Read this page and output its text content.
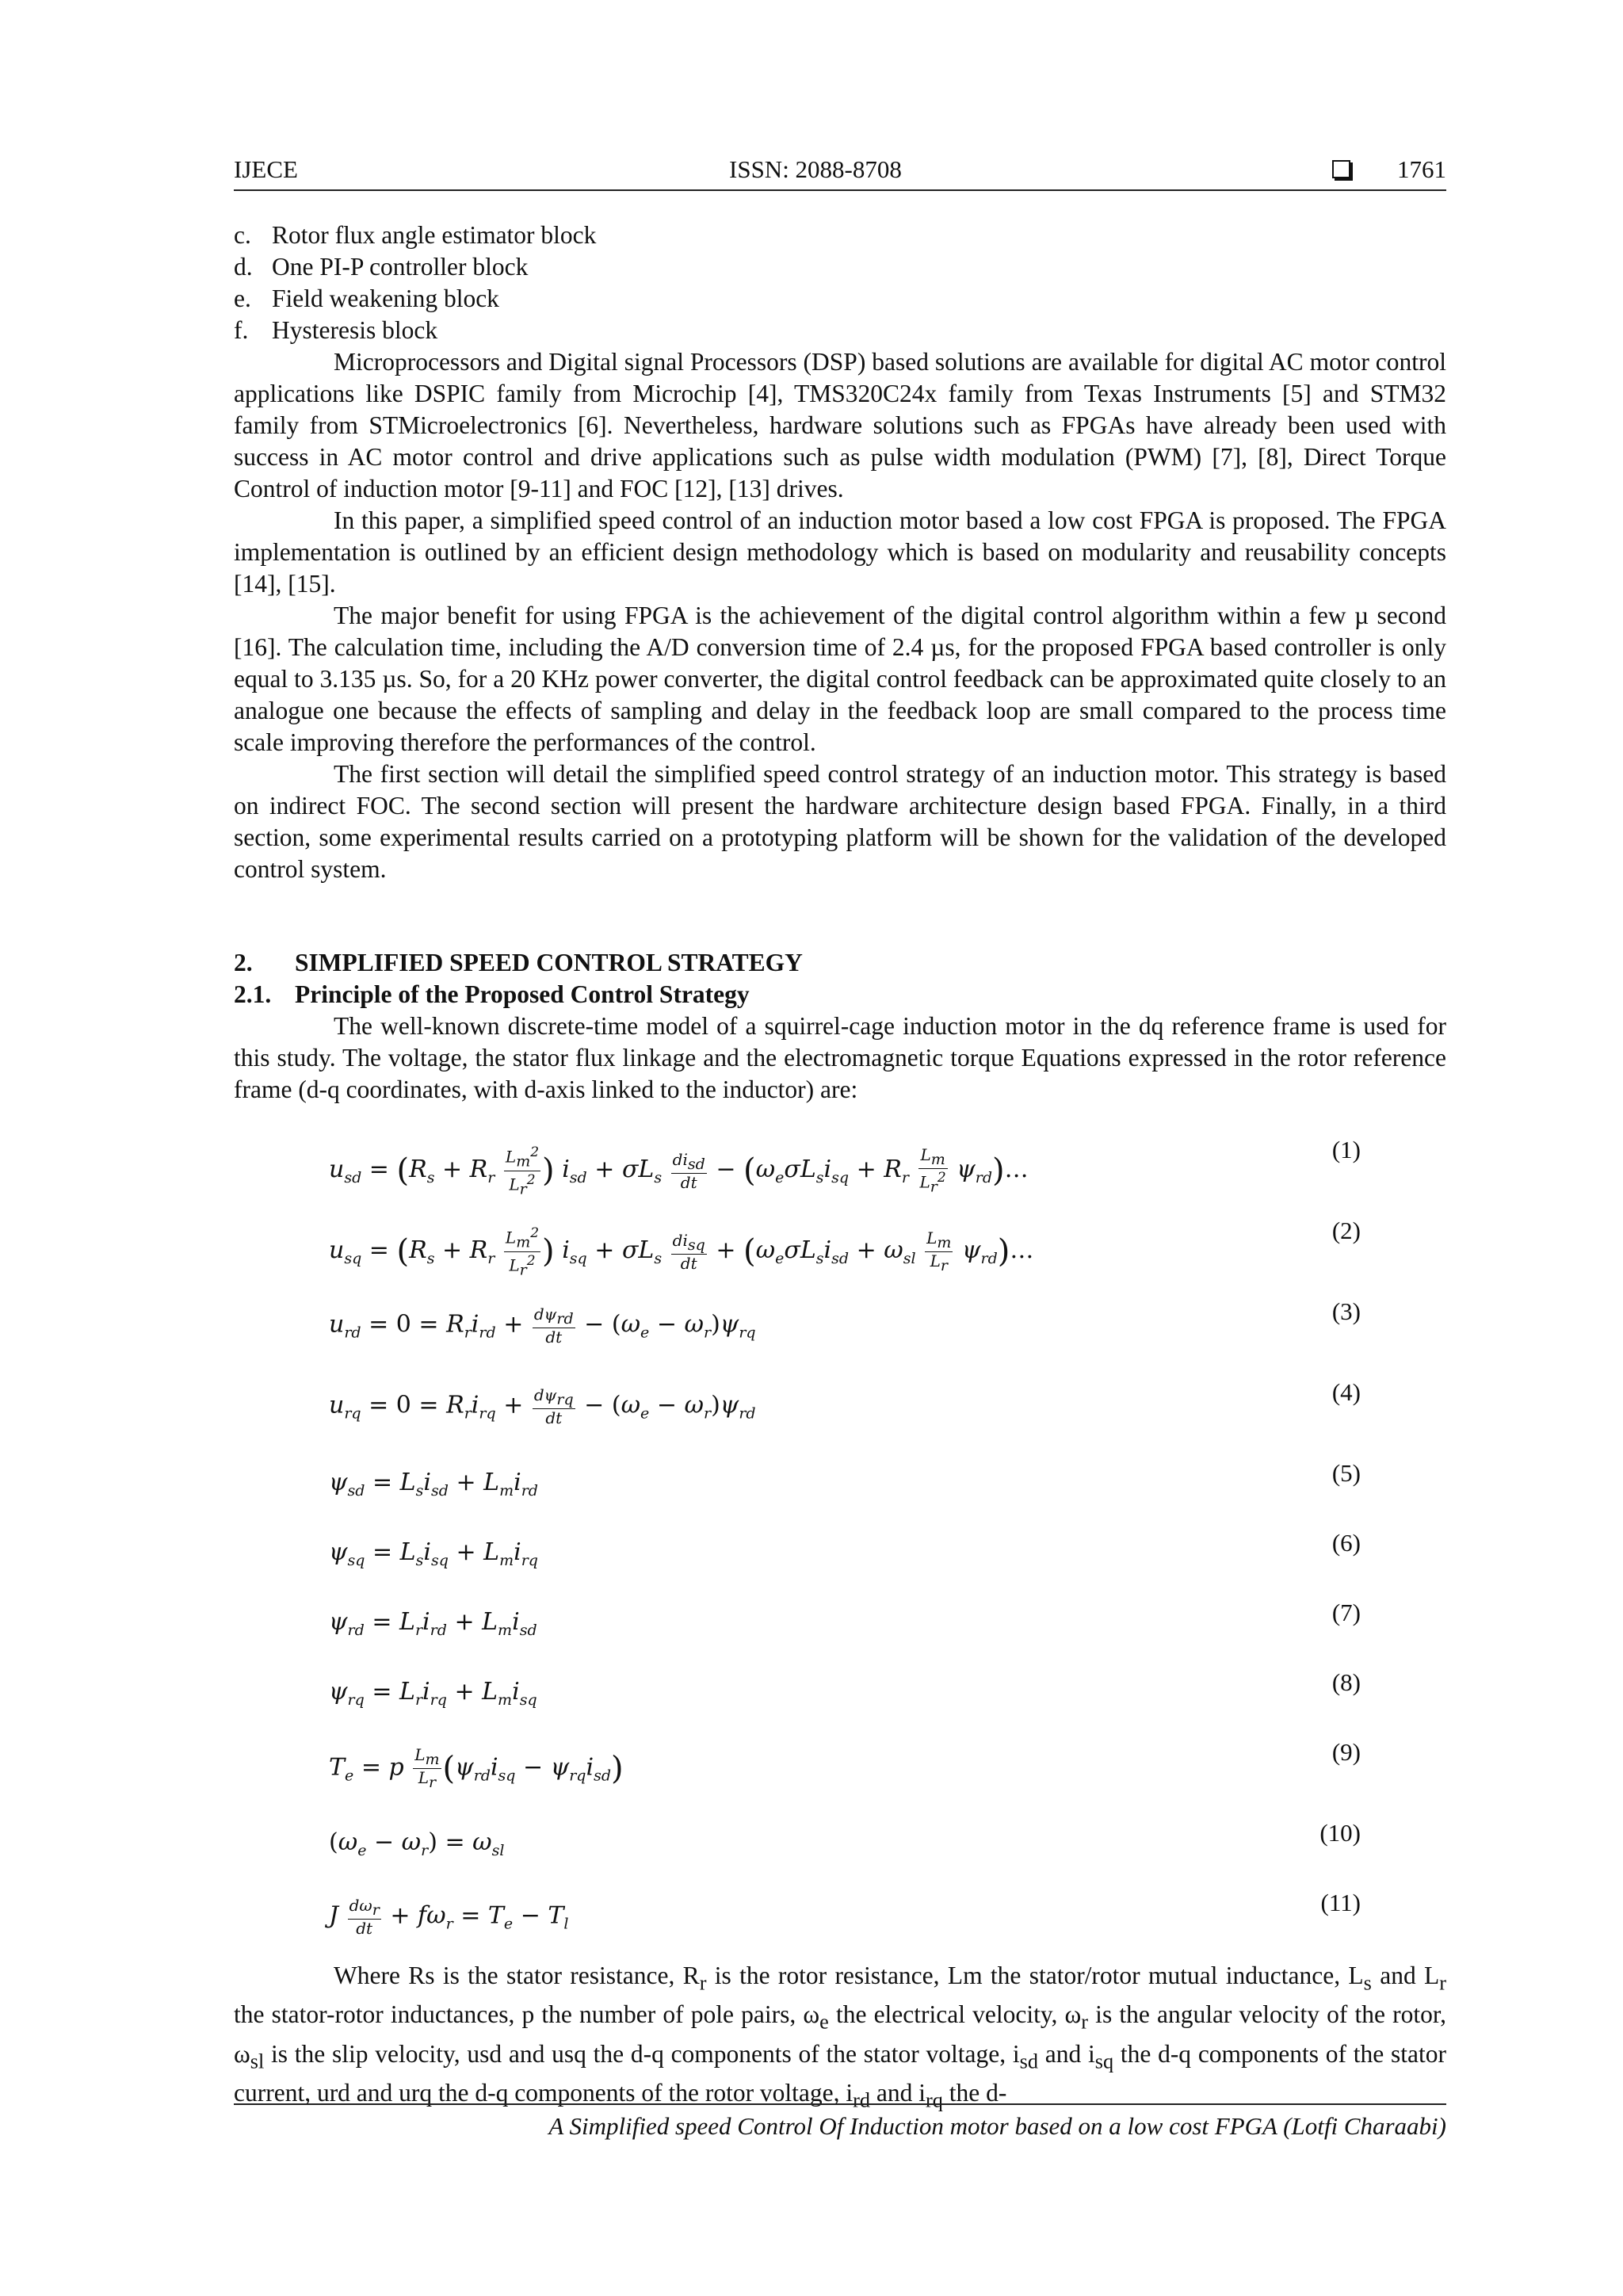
IJECE	ISSN: 2088-8708	1761
c. Rotor flux angle estimator block
d. One PI-P controller block
e. Field weakening block
f. Hysteresis block

Microprocessors and Digital signal Processors (DSP) based solutions are available for digital AC motor control applications like DSPIC family from Microchip [4], TMS320C24x family from Texas Instruments [5] and STM32 family from STMicroelectronics [6]. Nevertheless, hardware solutions such as FPGAs have already been used with success in AC motor control and drive applications such as pulse width modulation (PWM) [7], [8], Direct Torque Control of induction motor [9-11] and FOC [12], [13] drives.

In this paper, a simplified speed control of an induction motor based a low cost FPGA is proposed. The FPGA implementation is outlined by an efficient design methodology which is based on modularity and reusability concepts [14], [15].

The major benefit for using FPGA is the achievement of the digital control algorithm within a few µ second [16]. The calculation time, including the A/D conversion time of 2.4 µs, for the proposed FPGA based controller is only equal to 3.135 µs. So, for a 20 KHz power converter, the digital control feedback can be approximated quite closely to an analogue one because the effects of sampling and delay in the feedback loop are small compared to the process time scale improving therefore the performances of the control.

The first section will detail the simplified speed control strategy of an induction motor. This strategy is based on indirect FOC. The second section will present the hardware architecture design based FPGA. Finally, in a third section, some experimental results carried on a prototyping platform will be shown for the validation of the developed control system.

2. SIMPLIFIED SPEED CONTROL STRATEGY
2.1. Principle of the Proposed Control Strategy

The well-known discrete-time model of a squirrel-cage induction motor in the dq reference frame is used for this study. The voltage, the stator flux linkage and the electromagnetic torque Equations expressed in the rotor reference frame (d-q coordinates, with d-axis linked to the inductor) are:

$u_{sd} = (R_s + R_r \frac{L_m^2}{L_r^2}$ ) $i_{sd} + \sigma L_s \frac{di_{sd}}{dt} - (\omega_e\sigma L_si_{sq} + R_r \frac{L_m}{L_r^2}$ $\psi_{rd})\dots$
(1)
$u_{sq} = (R_s + R_r \frac{L_m^2}{L_r^2}$ ) $i_{sq} + \sigma L_s \frac{di_{sq}}{dt} + (\omega_e\sigma L_si_{sd} + \omega_{sl} \frac{L_m}{L_r}$ $\psi_{rd})\dots$
(2)
$u_{rd} = 0 = R_ri_{rd} + \frac{d\psi_{rd}}{dt} - (\omega_e - \omega_r)\psi_{rq}$
(3)
$u_{rq} = 0 = R_ri_{rq} + \frac{d\psi_{rq}}{dt} - (\omega_e - \omega_r)\psi_{rd}$
(4)
$\psi_{sd} = L_si_{sd} + L_mi_{rd}$
(5)
$\psi_{sq} = L_si_{sq} + L_mi_{rq}$
(6)
$\psi_{rd} = L_ri_{rd} + L_mi_{sd}$
(7)
$\psi_{rq} = L_ri_{rq} + L_mi_{sq}$
(8)
$T_e = p \frac{L_m}{L_r} (\psi_{rd}i_{sq} - \psi_{rq}i_{sd})$	(9)
$(\omega_e - \omega_r) = \omega_{sl}$
(10)
J $\frac{d\omega_r}{dt} + f\omega_r = T_e - T_l$
(11)

Where Rs is the stator resistance, $R_r$ is the rotor resistance, Lm the stator/rotor mutual inductance, $L_s$ and $L_r$ the stator-rotor inductances, p the number of pole pairs, $\omega_e$ the electrical velocity, $\omega_r$ is the angular velocity of the rotor, $\omega_{sl}$ is the slip velocity, usd and usq the d-q components of the stator voltage, $i_{sd}$ and $i_{sq}$ the d-q components of the stator current, urd and urq the d-q components of the rotor voltage, $i_{rd}$ and $i_{rq}$ the d-

A Simplified speed Control Of Induction motor based on a low cost FPGA (Lotfi Charaabi)
